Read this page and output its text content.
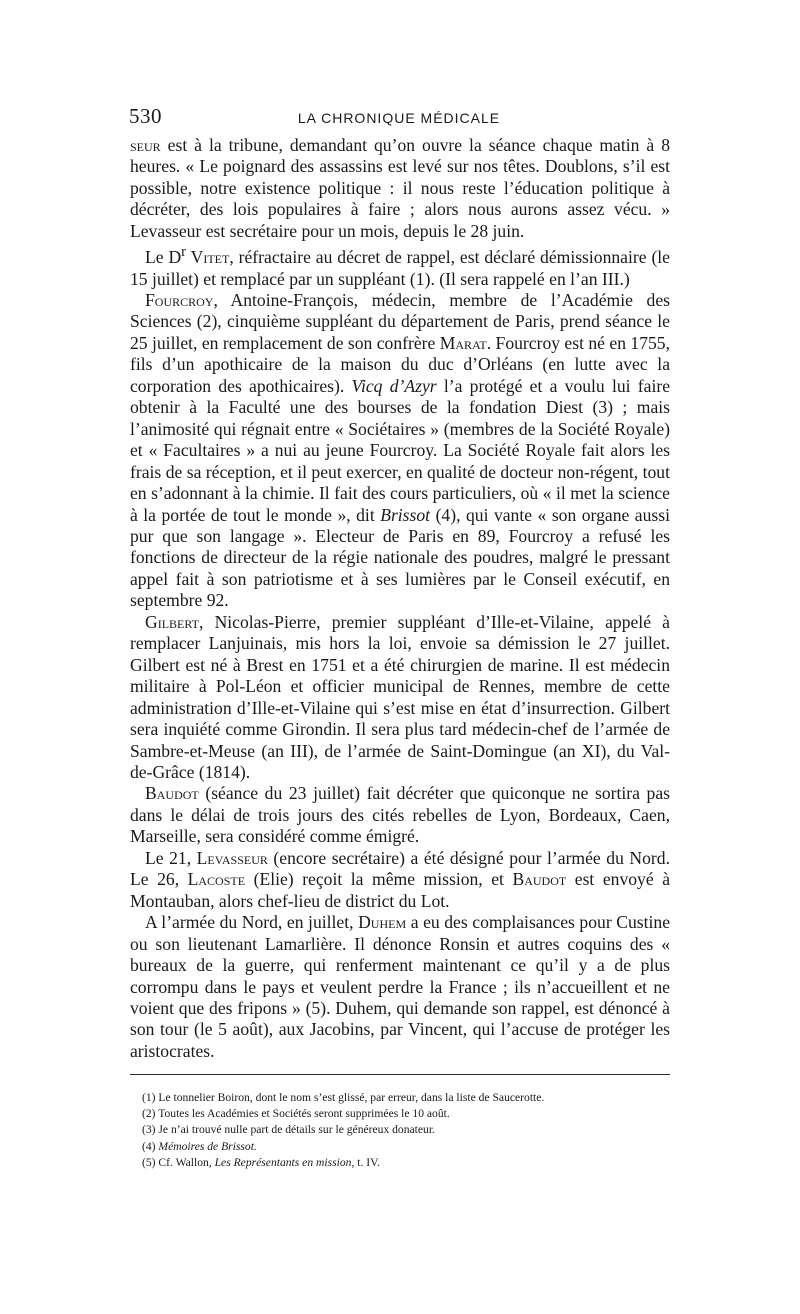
530	LA CHRONIQUE MÉDICALE

seur est à la tribune, demandant qu’on ouvre la séance chaque matin à 8 heures. « Le poignard des assassins est levé sur nos têtes. Doublons, s’il est possible, notre existence politique : il nous reste l’éducation politique à décréter, des lois populaires à faire ; alors nous aurons assez vécu. » Levasseur est secrétaire pour un mois, depuis le 28 juin.

Le $D^r$ Vitet, réfractaire au décret de rappel, est déclaré démissionnaire (le 15 juillet) et remplacé par un suppléant (1). (Il sera rappelé en l’an III.)

Fourcroy, Antoine-François, médecin, membre de l’Académie des Sciences (2), cinquième suppléant du département de Paris, prend séance le 25 juillet, en remplacement de son confrère Marat. Fourcroy est né en 1755, fils d’un apothicaire de la maison du duc d’Orléans (en lutte avec la corporation des apothicaires). Vicq d’Azyr l’a protégé et a voulu lui faire obtenir à la Faculté une des bourses de la fondation Diest (3) ; mais l’animosité qui régnait entre « Sociétaires » (membres de la Société Royale) et « Facultaires » a nui au jeune Fourcroy. La Société Royale fait alors les frais de sa réception, et il peut exercer, en qualité de docteur non-régent, tout en s’adonnant à la chimie. Il fait des cours particuliers, où « il met la science à la portée de tout le monde », dit Brissot (4), qui vante « son organe aussi pur que son langage ». Electeur de Paris en 89, Fourcroy a refusé les fonctions de directeur de la régie nationale des poudres, malgré le pressant appel fait à son patriotisme et à ses lumières par le Conseil exécutif, en septembre 92.

Gilbert, Nicolas-Pierre, premier suppléant d’Ille-et-Vilaine, appelé à remplacer Lanjuinais, mis hors la loi, envoie sa démission le 27 juillet. Gilbert est né à Brest en 1751 et a été chirurgien de marine. Il est médecin militaire à Pol-Léon et officier municipal de Rennes, membre de cette administration d’Ille-et-Vilaine qui s’est mise en état d’insurrection. Gilbert sera inquiété comme Girondin. Il sera plus tard médecin-chef de l’armée de Sambre-et-Meuse (an III), de l’armée de Saint-Domingue (an XI), du Val-de-Grâce (1814).

Baudot (séance du 23 juillet) fait décréter que quiconque ne sortira pas dans le délai de trois jours des cités rebelles de Lyon, Bordeaux, Caen, Marseille, sera considéré comme émigré.

Le 21, Levasseur (encore secrétaire) a été désigné pour l’armée du Nord. Le 26, Lacoste (Elie) reçoit la même mission, et Baudot est envoyé à Montauban, alors chef-lieu de district du Lot.

A l’armée du Nord, en juillet, Duhem a eu des complaisances pour Custine ou son lieutenant Lamarlière. Il dénonce Ronsin et autres coquins des « bureaux de la guerre, qui renferment maintenant ce qu’il y a de plus corrompu dans le pays et veulent perdre la France ; ils n’accueillent et ne voient que des fripons » (5). Duhem, qui demande son rappel, est dénoncé à son tour (le 5 août), aux Jacobins, par Vincent, qui l’accuse de protéger les aristocrates.

(1) Le tonnelier Boiron, dont le nom s’est glissé, par erreur, dans la liste de Saucerotte.
(2) Toutes les Académies et Sociétés seront supprimées le 10 août.
(3) Je n’ai trouvé nulle part de détails sur le généreux donateur.
(4) Mémoires de Brissot.
(5) Cf. Wallon, Les Représentants en mission, t. IV.
